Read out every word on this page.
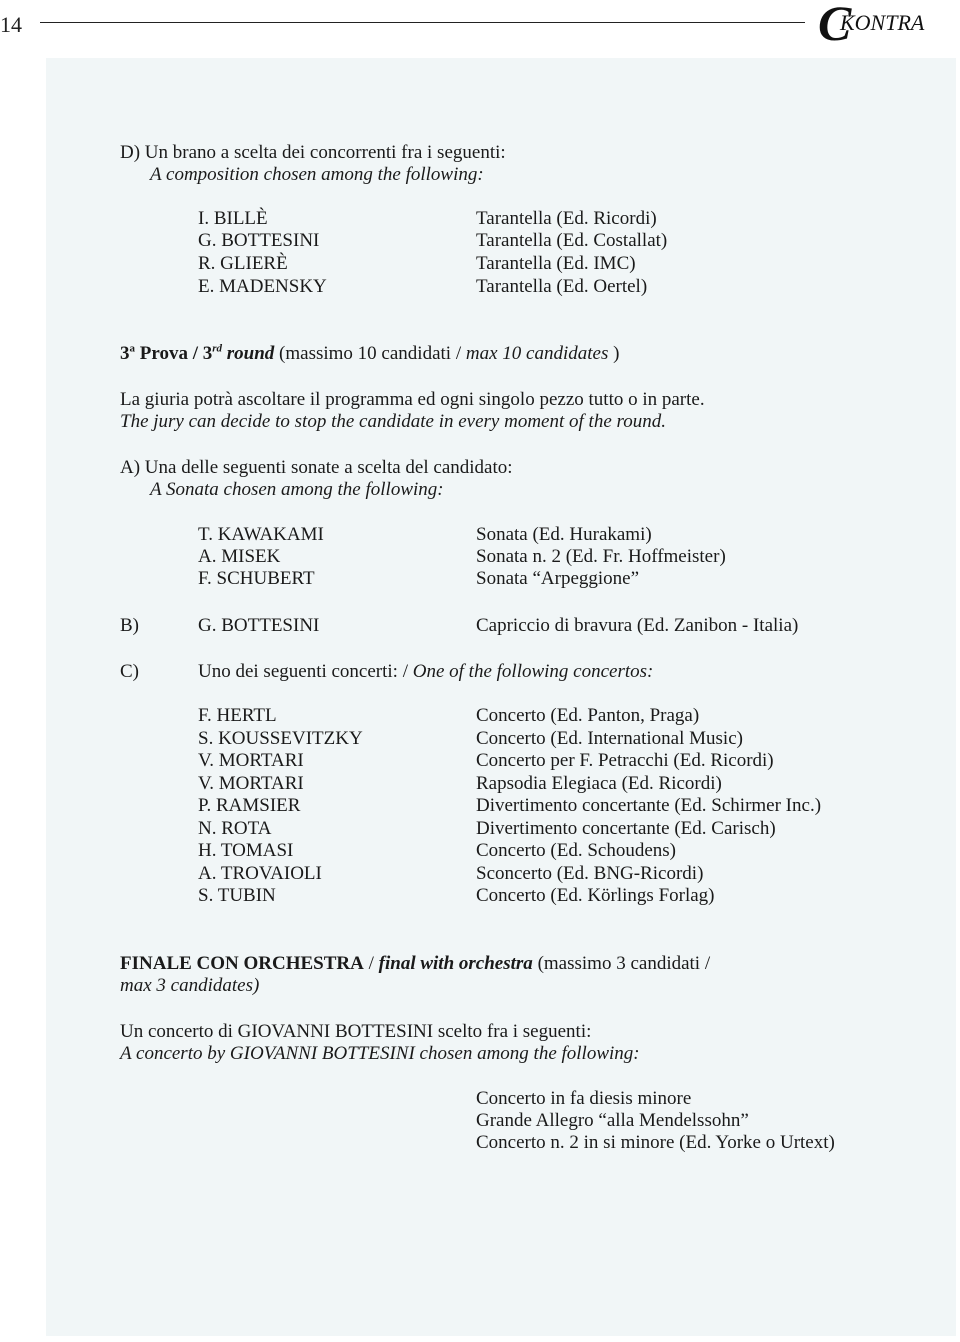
14	C
KONTRA
D) Un brano a scelta dei concorrenti fra i seguenti:
A composition chosen among the following:
I. BILLÈ	Tarantella (Ed. Ricordi)
G. BOTTESINI	Tarantella (Ed. Costallat)
R. GLIERÈ	Tarantella (Ed. IMC)
E. MADENSKY	Tarantella (Ed. Oertel)
3$^a$ Prova / 3rd round (massimo 10 candidati / max 10 candidates )
La giuria potrà ascoltare il programma ed ogni singolo pezzo tutto o in parte.
The jury can decide to stop the candidate in every moment of the round.
A) Una delle seguenti sonate a scelta del candidato:
A Sonata chosen among the following:
T. KAWAKAMI	Sonata (Ed. Hurakami)
A. MISEK	Sonata n. 2 (Ed. Fr. Hoffmeister)
F. SCHUBERT	Sonata “Arpeggione”
B)	G. BOTTESINI	Capriccio di bravura (Ed. Zanibon - Italia)
C)	Uno dei seguenti concerti: / One of the following concertos:
F. HERTL	Concerto (Ed. Panton, Praga)
S. KOUSSEVITZKY	Concerto (Ed. International Music)
V. MORTARI	Concerto per F. Petracchi (Ed. Ricordi)
V. MORTARI	Rapsodia Elegiaca (Ed. Ricordi)
P. RAMSIER	Divertimento concertante (Ed. Schirmer Inc.)
N. ROTA	Divertimento concertante (Ed. Carisch)
H. TOMASI	Concerto (Ed. Schoudens)
A. TROVAIOLI	Sconcerto (Ed. BNG-Ricordi)
S. TUBIN	Concerto (Ed. Körlings Forlag)
FINALE CON ORCHESTRA / final with orchestra (massimo 3 candidati /
max 3 candidates)
Un concerto di GIOVANNI BOTTESINI scelto fra i seguenti:
A concerto by GIOVANNI BOTTESINI chosen among the following:
Concerto in fa diesis minore
Grande Allegro “alla Mendelssohn”
Concerto n. 2 in si minore (Ed. Yorke o Urtext)
